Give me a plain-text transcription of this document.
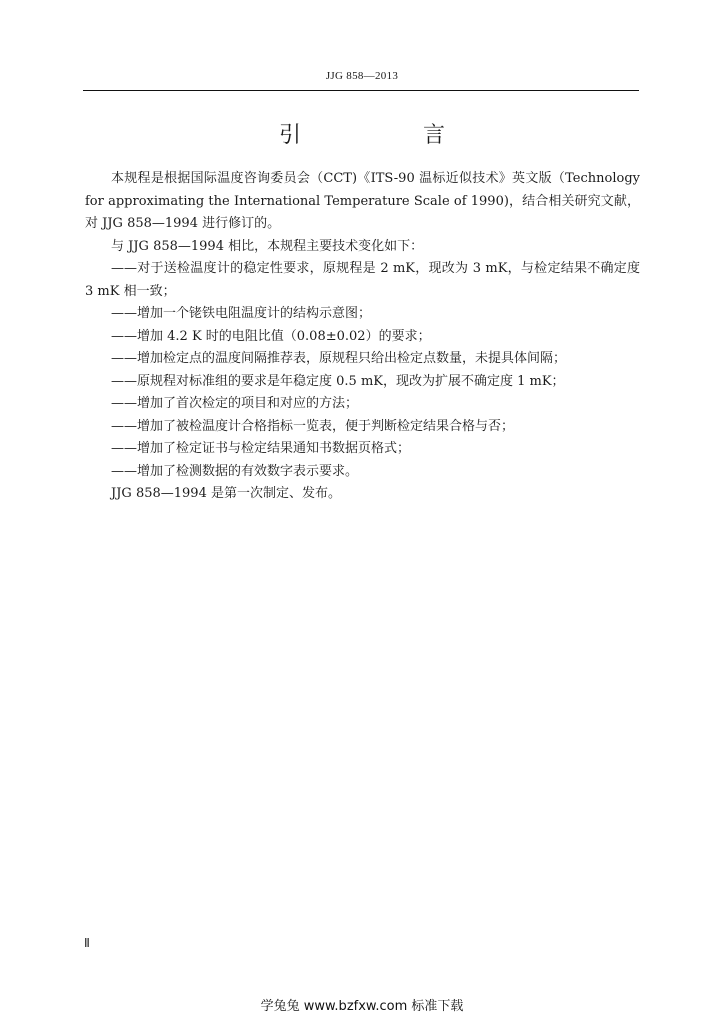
JJG 858—2013
引　言

本规程是根据国际温度咨询委员会（CCT)《ITS-90 温标近似技术》英文版（Technology for approximating the International Temperature Scale of 1990)，结合相关研究文献，对 JJG 858—1994 进行修订的。

与 JJG 858—1994 相比，本规程主要技术变化如下：

——对于送检温度计的稳定性要求，原规程是 2 mK，现改为 3 mK，与检定结果不确定度 3 mK 相一致；

——增加一个铑铁电阻温度计的结构示意图；

——增加 4.2 K 时的电阻比值（0.08±0.02）的要求；

——增加检定点的温度间隔推荐表，原规程只给出检定点数量，未提具体间隔；

——原规程对标准组的要求是年稳定度 0.5 mK，现改为扩展不确定度 1 mK；

——增加了首次检定的项目和对应的方法；

——增加了被检温度计合格指标一览表，便于判断检定结果合格与否；

——增加了检定证书与检定结果通知书数据页格式；

——增加了检测数据的有效数字表示要求。

JJG 858—1994 是第一次制定、发布。

Ⅱ
学兔兔 www.bzfxw.com 标准下载
